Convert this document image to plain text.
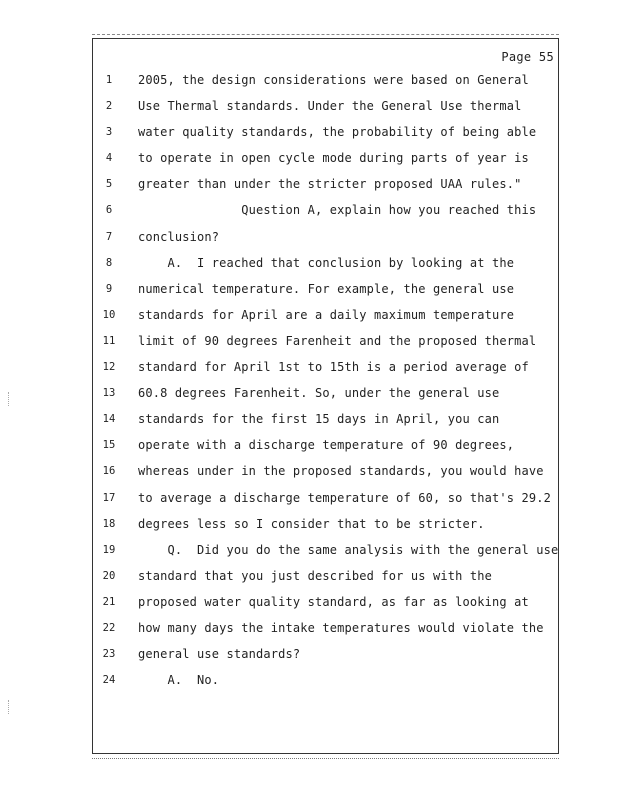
Page 55
1
2
3
4
5
6
7
8
9
10
11
12
13
14
15
16
17
18
19
20
21
22
23
24
2005, the design considerations were based on General
Use Thermal standards. Under the General Use thermal
water quality standards, the probability of being able
to operate in open cycle mode during parts of year is
greater than under the stricter proposed UAA rules."
Question A, explain how you reached this
conclusion?
A.  I reached that conclusion by looking at the
numerical temperature. For example, the general use
standards for April are a daily maximum temperature
limit of 90 degrees Farenheit and the proposed thermal
standard for April 1st to 15th is a period average of
60.8 degrees Farenheit. So, under the general use
standards for the first 15 days in April, you can
operate with a discharge temperature of 90 degrees,
whereas under in the proposed standards, you would have
to average a discharge temperature of 60, so that's 29.2
degrees less so I consider that to be stricter.
Q.  Did you do the same analysis with the general use
standard that you just described for us with the
proposed water quality standard, as far as looking at
how many days the intake temperatures would violate the
general use standards?
A.  No.
